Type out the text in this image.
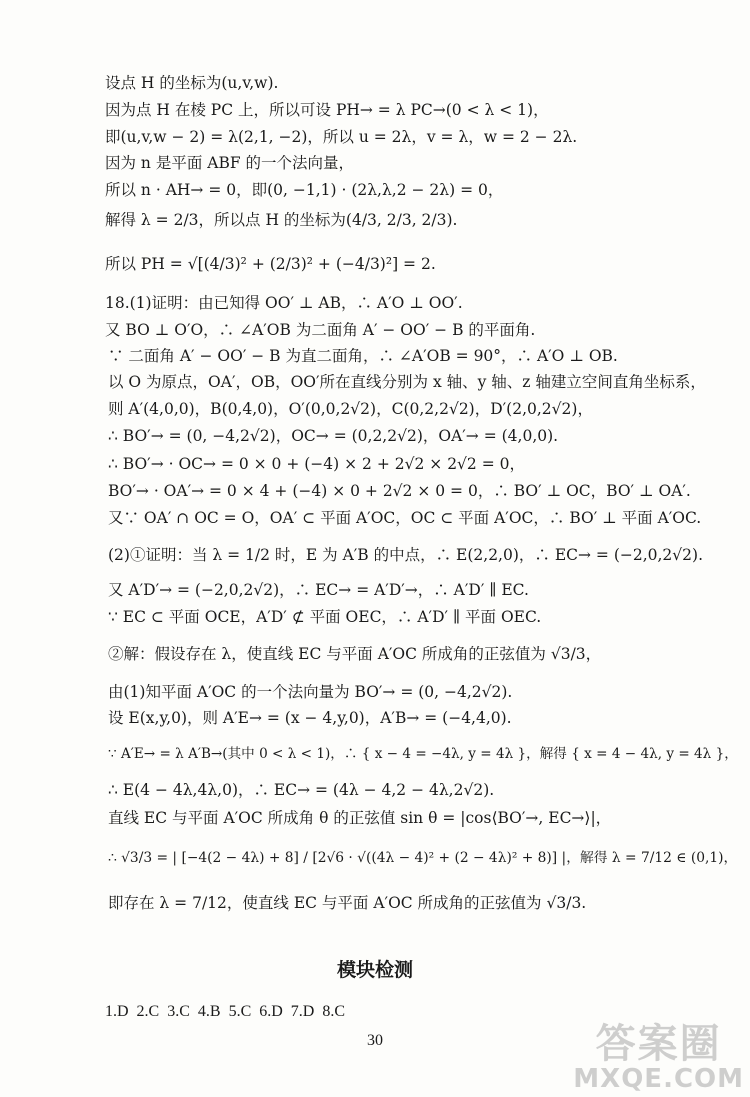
设点 H 的坐标为(u,v,w).
因为点 H 在棱 PC 上，所以可设 PH→ = λ PC→(0 < λ < 1)，
即(u,v,w − 2) = λ(2,1, −2)，所以 u = 2λ，v = λ，w = 2 − 2λ.
因为 n 是平面 ABF 的一个法向量，
所以 n · AH→ = 0，即(0, −1,1) · (2λ,λ,2 − 2λ) = 0，
解得 λ = 2/3，所以点 H 的坐标为(4/3, 2/3, 2/3).
所以 PH = √[(4/3)² + (2/3)² + (−4/3)²] = 2.
18.(1)证明：由已知得 OO′ ⊥ AB，∴ A′O ⊥ OO′.
又 BO ⊥ O′O，∴ ∠A′OB 为二面角 A′ − OO′ − B 的平面角.
∵ 二面角 A′ − OO′ − B 为直二面角，∴ ∠A′OB = 90°，∴ A′O ⊥ OB.
以 O 为原点，OA′，OB，OO′所在直线分别为 x 轴、y 轴、z 轴建立空间直角坐标系，
则 A′(4,0,0)，B(0,4,0)，O′(0,0,2√2)，C(0,2,2√2)，D′(2,0,2√2)，
∴ BO′→ = (0, −4,2√2)，OC→ = (0,2,2√2)，OA′→ = (4,0,0).
∴ BO′→ · OC→ = 0 × 0 + (−4) × 2 + 2√2 × 2√2 = 0，
BO′→ · OA′→ = 0 × 4 + (−4) × 0 + 2√2 × 0 = 0，∴ BO′ ⊥ OC，BO′ ⊥ OA′.
又∵ OA′ ∩ OC = O，OA′ ⊂ 平面 A′OC，OC ⊂ 平面 A′OC，∴ BO′ ⊥ 平面 A′OC.
(2)①证明：当 λ = 1/2 时，E 为 A′B 的中点，∴ E(2,2,0)，∴ EC→ = (−2,0,2√2).
又 A′D′→ = (−2,0,2√2)，∴ EC→ = A′D′→，∴ A′D′ ∥ EC.
∵ EC ⊂ 平面 OCE，A′D′ ⊄ 平面 OEC，∴ A′D′ ∥ 平面 OEC.
②解：假设存在 λ，使直线 EC 与平面 A′OC 所成角的正弦值为 √3/3，
由(1)知平面 A′OC 的一个法向量为 BO′→ = (0, −4,2√2).
设 E(x,y,0)，则 A′E→ = (x − 4,y,0)，A′B→ = (−4,4,0).
∵ A′E→ = λ A′B→(其中 0 < λ < 1)，∴ { x − 4 = −4λ, y = 4λ }，解得 { x = 4 − 4λ, y = 4λ }，
∴ E(4 − 4λ,4λ,0)，∴ EC→ = (4λ − 4,2 − 4λ,2√2).
直线 EC 与平面 A′OC 所成角 θ 的正弦值 sin θ = |cos⟨BO′→, EC→⟩|，
∴ √3/3 = | [−4(2 − 4λ) + 8] / [2√6 · √((4λ − 4)² + (2 − 4λ)² + 8)] |，解得 λ = 7/12 ∈ (0,1)，
即存在 λ = 7/12，使直线 EC 与平面 A′OC 所成角的正弦值为 √3/3.
模块检测
1.D 2.C 3.C 4.B 5.C 6.D 7.D 8.C
30	答案圈
MXQE.COM
